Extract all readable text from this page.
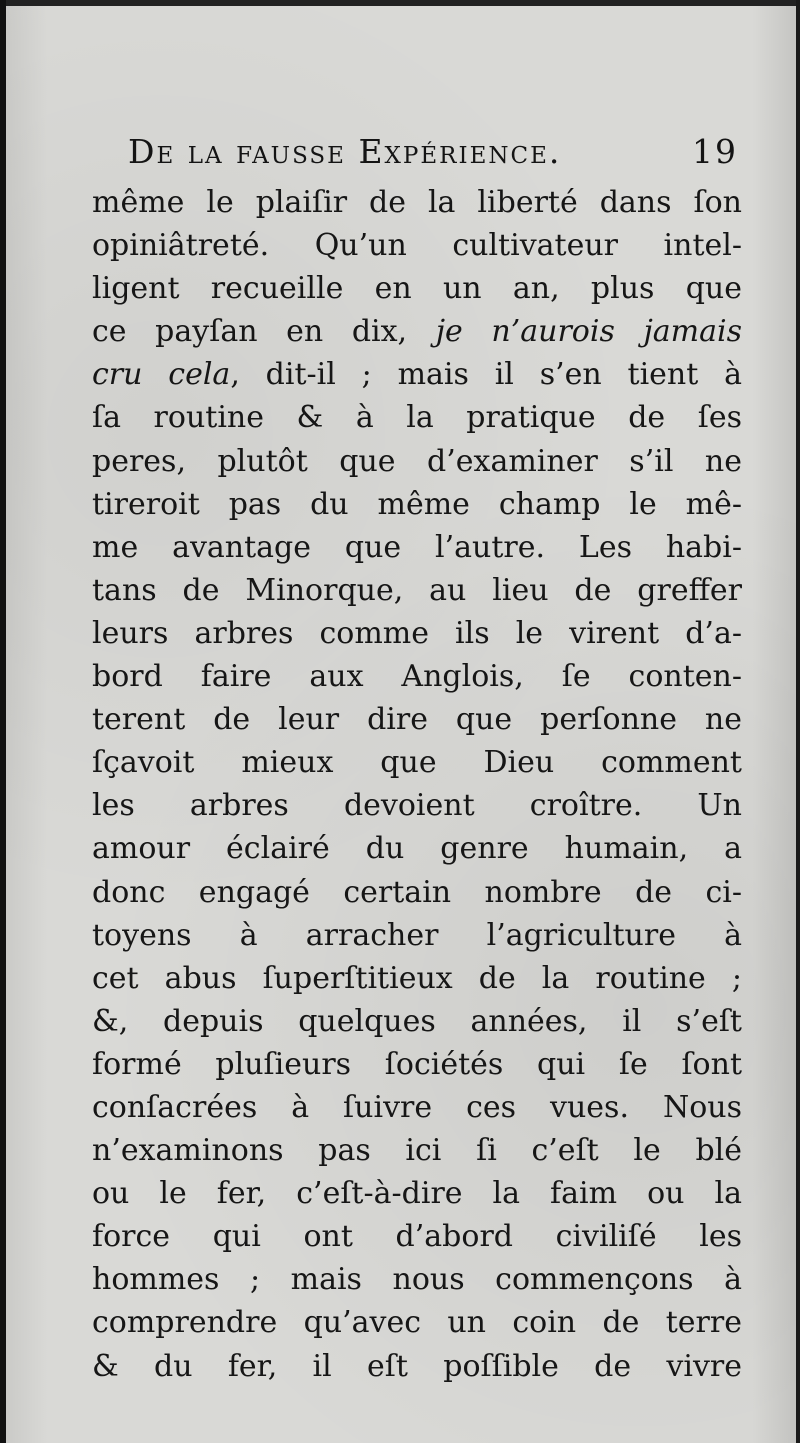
De la fausse Expérience.	19
même le plaiſir de la liberté dans ſon
opiniâtreté. Qu’un cultivateur intel-
ligent recueille en un an, plus que
ce payſan en dix, je n’aurois jamais
cru cela, dit-il ; mais il s’en tient à
ſa routine & à la pratique de ſes
peres, plutôt que d’examiner s’il ne
tireroit pas du même champ le mê-
me avantage que l’autre. Les habi-
tans de Minorque, au lieu de greffer
leurs arbres comme ils le virent d’a-
bord faire aux Anglois, ſe conten-
terent de leur dire que perſonne ne
ſçavoit mieux que Dieu comment
les arbres devoient croître. Un
amour éclairé du genre humain, a
donc engagé certain nombre de ci-
toyens à arracher l’agriculture à
cet abus ſuperſtitieux de la routine ;
&, depuis quelques années, il s’eſt
formé pluſieurs ſociétés qui ſe ſont
conſacrées à ſuivre ces vues. Nous
n’examinons pas ici ſi c’eſt le blé
ou le fer, c’eſt-à-dire la faim ou la
force qui ont d’abord civiliſé les
hommes ; mais nous commençons à
comprendre qu’avec un coin de terre
& du fer, il eſt poſſible de vivre
